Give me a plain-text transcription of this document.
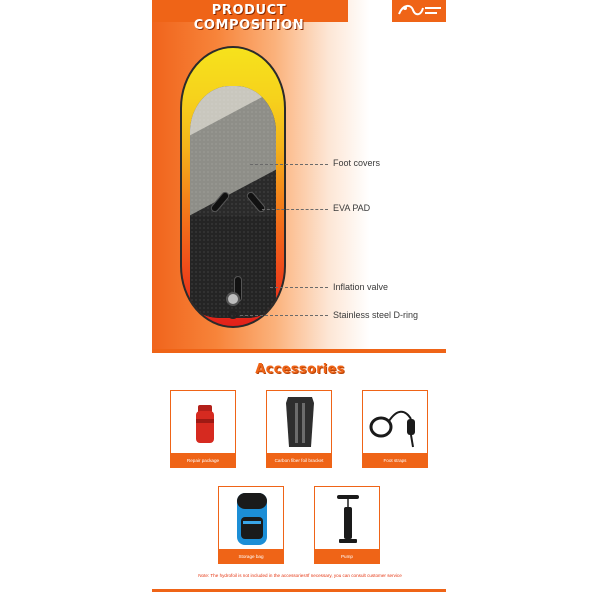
PRODUCT COMPOSITION
Foot covers
EVA PAD
Inflation valve
Stainless steel D-ring
Accessories
Repair package	Carbon fiber foil bracket	Foot straps
Storage bag	Pump
Note: The hydrofoil is not included in the accessories!If necessary, you can consult customer service
